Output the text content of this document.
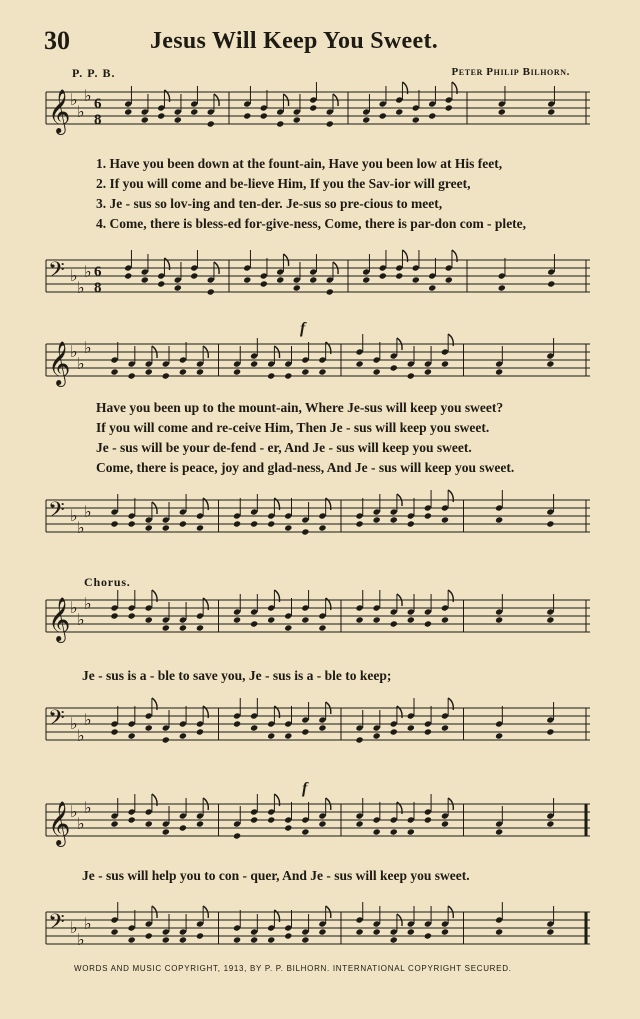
30	Jesus Will Keep You Sweet.
P. P. B.	Peter Philip Bilhorn.
𝄞 ♭
♭
♭ 6
8
1. Have you been down at the fount-ain, Have you been low at His feet,
2. If you will come and be-lieve Him, If you the Sav-ior will greet,
3. Je - sus so lov-ing and ten-der. Je-sus so pre-cious to meet,
4. Come, there is bless-ed for-give-ness, Come, there is par-don com - plete,
𝄢 ♭
♭
♭ 6
8
f
𝄞 ♭
♭
♭
Have you been up to the mount-ain, Where Je-sus will keep you sweet?
If you will come and re-ceive Him, Then Je - sus will keep you sweet.
Je - sus will be your de-fend - er, And Je - sus will keep you sweet.
Come, there is peace, joy and glad-ness, And Je - sus will keep you sweet.
𝄢 ♭
♭
♭
Chorus.
𝄞 ♭
♭
♭
Je - sus is a - ble to save you, Je - sus is a - ble to keep;
𝄢 ♭
♭
♭
f
𝄞 ♭
♭
♭
Je - sus will help you to con - quer, And Je - sus will keep you sweet.
𝄢 ♭
♭
♭
WORDS AND MUSIC COPYRIGHT, 1913, BY P. P. BILHORN. INTERNATIONAL COPYRIGHT SECURED.
